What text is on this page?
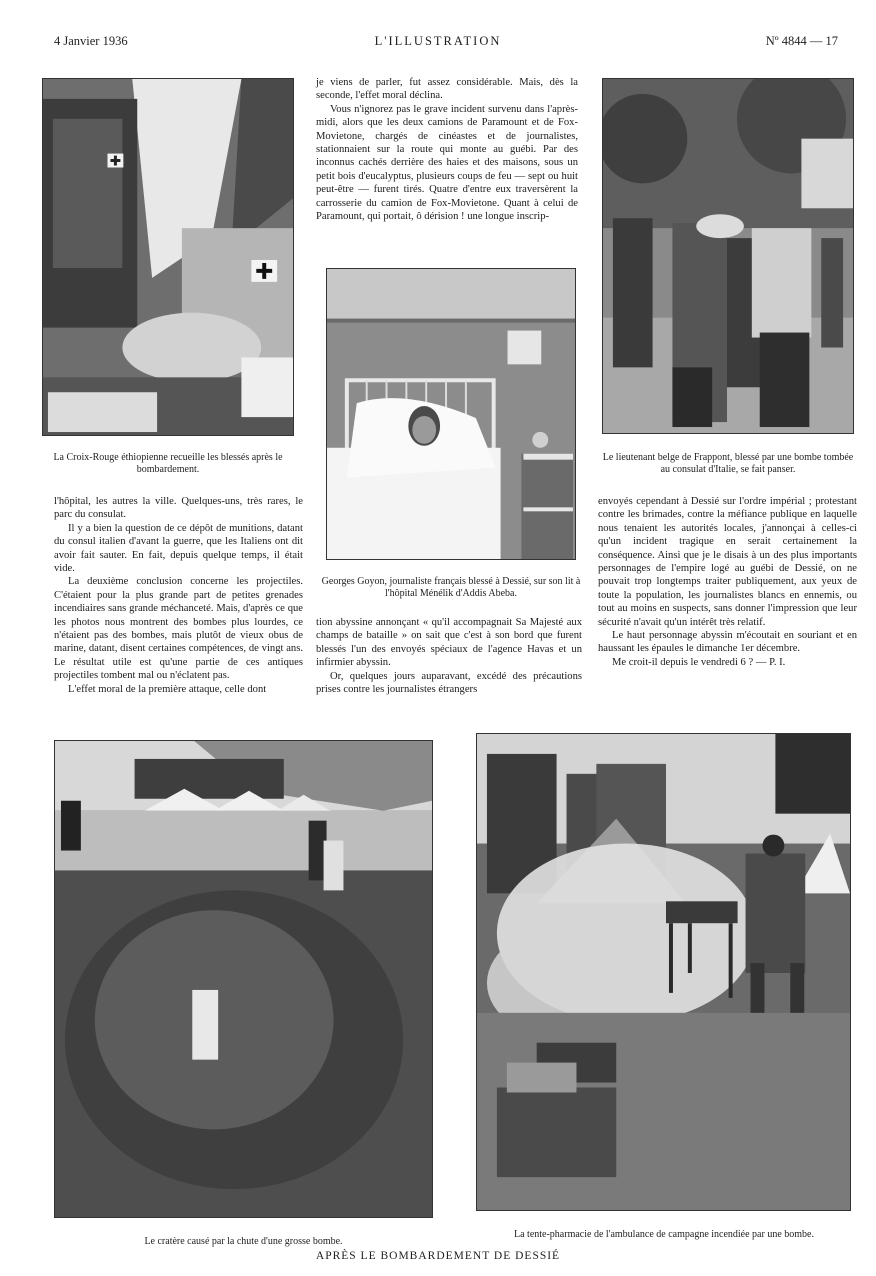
4 Janvier 1936	L'ILLUSTRATION	Nº 4844 — 17
La Croix-Rouge éthiopienne recueille les blessés après le bombardement.

je viens de parler, fut assez considérable. Mais, dès la seconde, l'effet moral déclina.

Vous n'ignorez pas le grave incident survenu dans l'après-midi, alors que les deux camions de Paramount et de Fox-Movietone, chargés de cinéastes et de journalistes, stationnaient sur la route qui monte au guébi. Par des inconnus cachés derrière des haies et des maisons, sous un petit bois d'eucalyptus, plusieurs coups de feu — sept ou huit peut-être — furent tirés. Quatre d'entre eux traversèrent la carrosserie du camion de Fox-Movietone. Quant à celui de Paramount, qui portait, ô dérision ! une longue inscrip-

Georges Goyon, journaliste français blessé à Dessié, sur son lit à l'hôpital Ménélik d'Addis Abeba.

tion abyssine annonçant « qu'il accompagnait Sa Majesté aux champs de bataille » on sait que c'est à son bord que furent blessés l'un des envoyés spéciaux de l'agence Havas et un infirmier abyssin.

Or, quelques jours auparavant, excédé des précautions prises contre les journalistes étrangers

Le lieutenant belge de Frappont, blessé par une bombe tombée au consulat d'Italie, se fait panser.

l'hôpital, les autres la ville. Quelques-uns, très rares, le parc du consulat.

Il y a bien la question de ce dépôt de munitions, datant du consul italien d'avant la guerre, que les Italiens ont dit avoir fait sauter. En fait, depuis quelque temps, il était vide.

La deuxième conclusion concerne les projectiles. C'étaient pour la plus grande part de petites grenades incendiaires sans grande méchanceté. Mais, d'après ce que les photos nous montrent des bombes plus lourdes, ce n'étaient pas des bombes, mais plutôt de vieux obus de marine, datant, disent certaines compétences, de vingt ans. Le résultat utile est qu'une partie de ces antiques projectiles tombent mal ou n'éclatent pas.

L'effet moral de la première attaque, celle dont

envoyés cependant à Dessié sur l'ordre impérial ; protestant contre les brimades, contre la méfiance publique en laquelle nous tenaient les autorités locales, j'annonçai à celles-ci qu'un incident tragique en serait certainement la conséquence. Ainsi que je le disais à un des plus importants personnages de l'empire logé au guébi de Dessié, on ne pouvait trop longtemps traiter publiquement, aux yeux de toute la population, les journalistes blancs en ennemis, ou tout au moins en suspects, sans donner l'impression que leur sécurité n'avait qu'un intérêt très relatif.

Le haut personnage abyssin m'écoutait en souriant et en haussant les épaules le dimanche 1er décembre.

Me croit-il depuis le vendredi 6 ? — P. I.

Le cratère causé par la chute d'une grosse bombe.
La tente-pharmacie de l'ambulance de campagne incendiée par une bombe.
APRÈS LE BOMBARDEMENT DE DESSIÉ
